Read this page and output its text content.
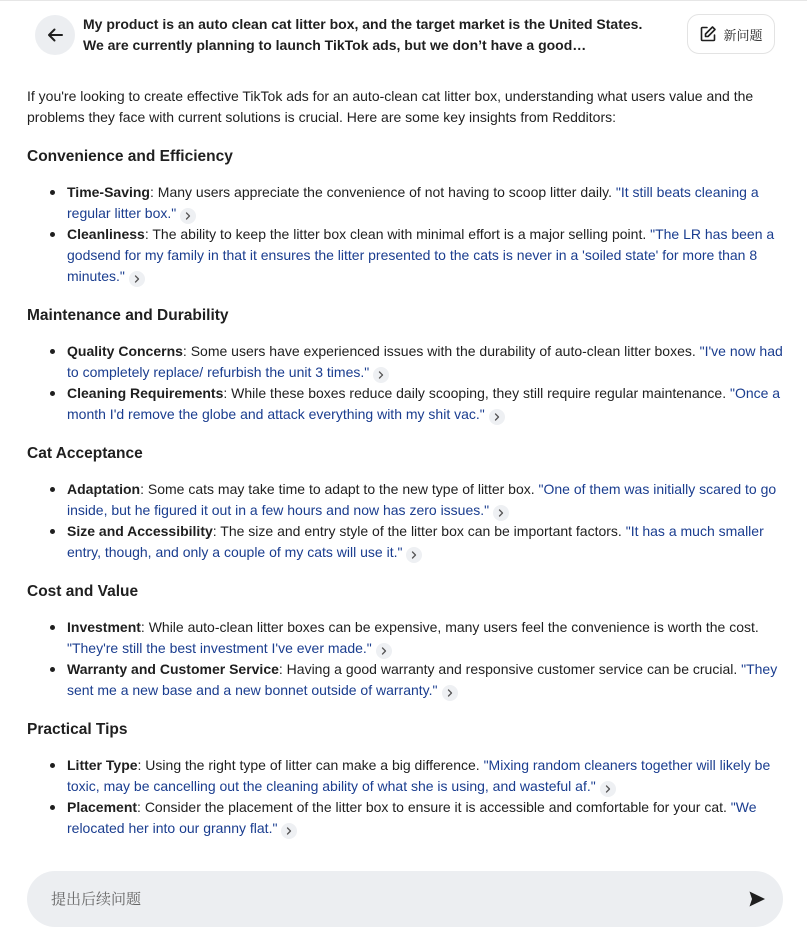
My product is an auto clean cat litter box, and the target market is the United States. We are currently planning to launch TikTok ads, but we don’t have a good…
新问题

If you're looking to create effective TikTok ads for an auto-clean cat litter box, understanding what users value and the problems they face with current solutions is crucial. Here are some key insights from Redditors:

Convenience and Efficiency
Time-Saving: Many users appreciate the convenience of not having to scoop litter daily. "It still beats cleaning a regular litter box."
Cleanliness: The ability to keep the litter box clean with minimal effort is a major selling point. "The LR has been a godsend for my family in that it ensures the litter presented to the cats is never in a 'soiled state' for more than 8 minutes."
Maintenance and Durability
Quality Concerns: Some users have experienced issues with the durability of auto-clean litter boxes. "I've now had to completely replace/ refurbish the unit 3 times."
Cleaning Requirements: While these boxes reduce daily scooping, they still require regular maintenance. "Once a month I'd remove the globe and attack everything with my shit vac."
Cat Acceptance
Adaptation: Some cats may take time to adapt to the new type of litter box. "One of them was initially scared to go inside, but he figured it out in a few hours and now has zero issues."
Size and Accessibility: The size and entry style of the litter box can be important factors. "It has a much smaller entry, though, and only a couple of my cats will use it."
Cost and Value
Investment: While auto-clean litter boxes can be expensive, many users feel the convenience is worth the cost. "They're still the best investment I've ever made."
Warranty and Customer Service: Having a good warranty and responsive customer service can be crucial. "They sent me a new base and a new bonnet outside of warranty."
Practical Tips
Litter Type: Using the right type of litter can make a big difference. "Mixing random cleaners together will likely be toxic, may be cancelling out the cleaning ability of what she is using, and wasteful af."
Placement: Consider the placement of the litter box to ensure it is accessible and comfortable for your cat. "We relocated her into our granny flat."
提出后续问题
